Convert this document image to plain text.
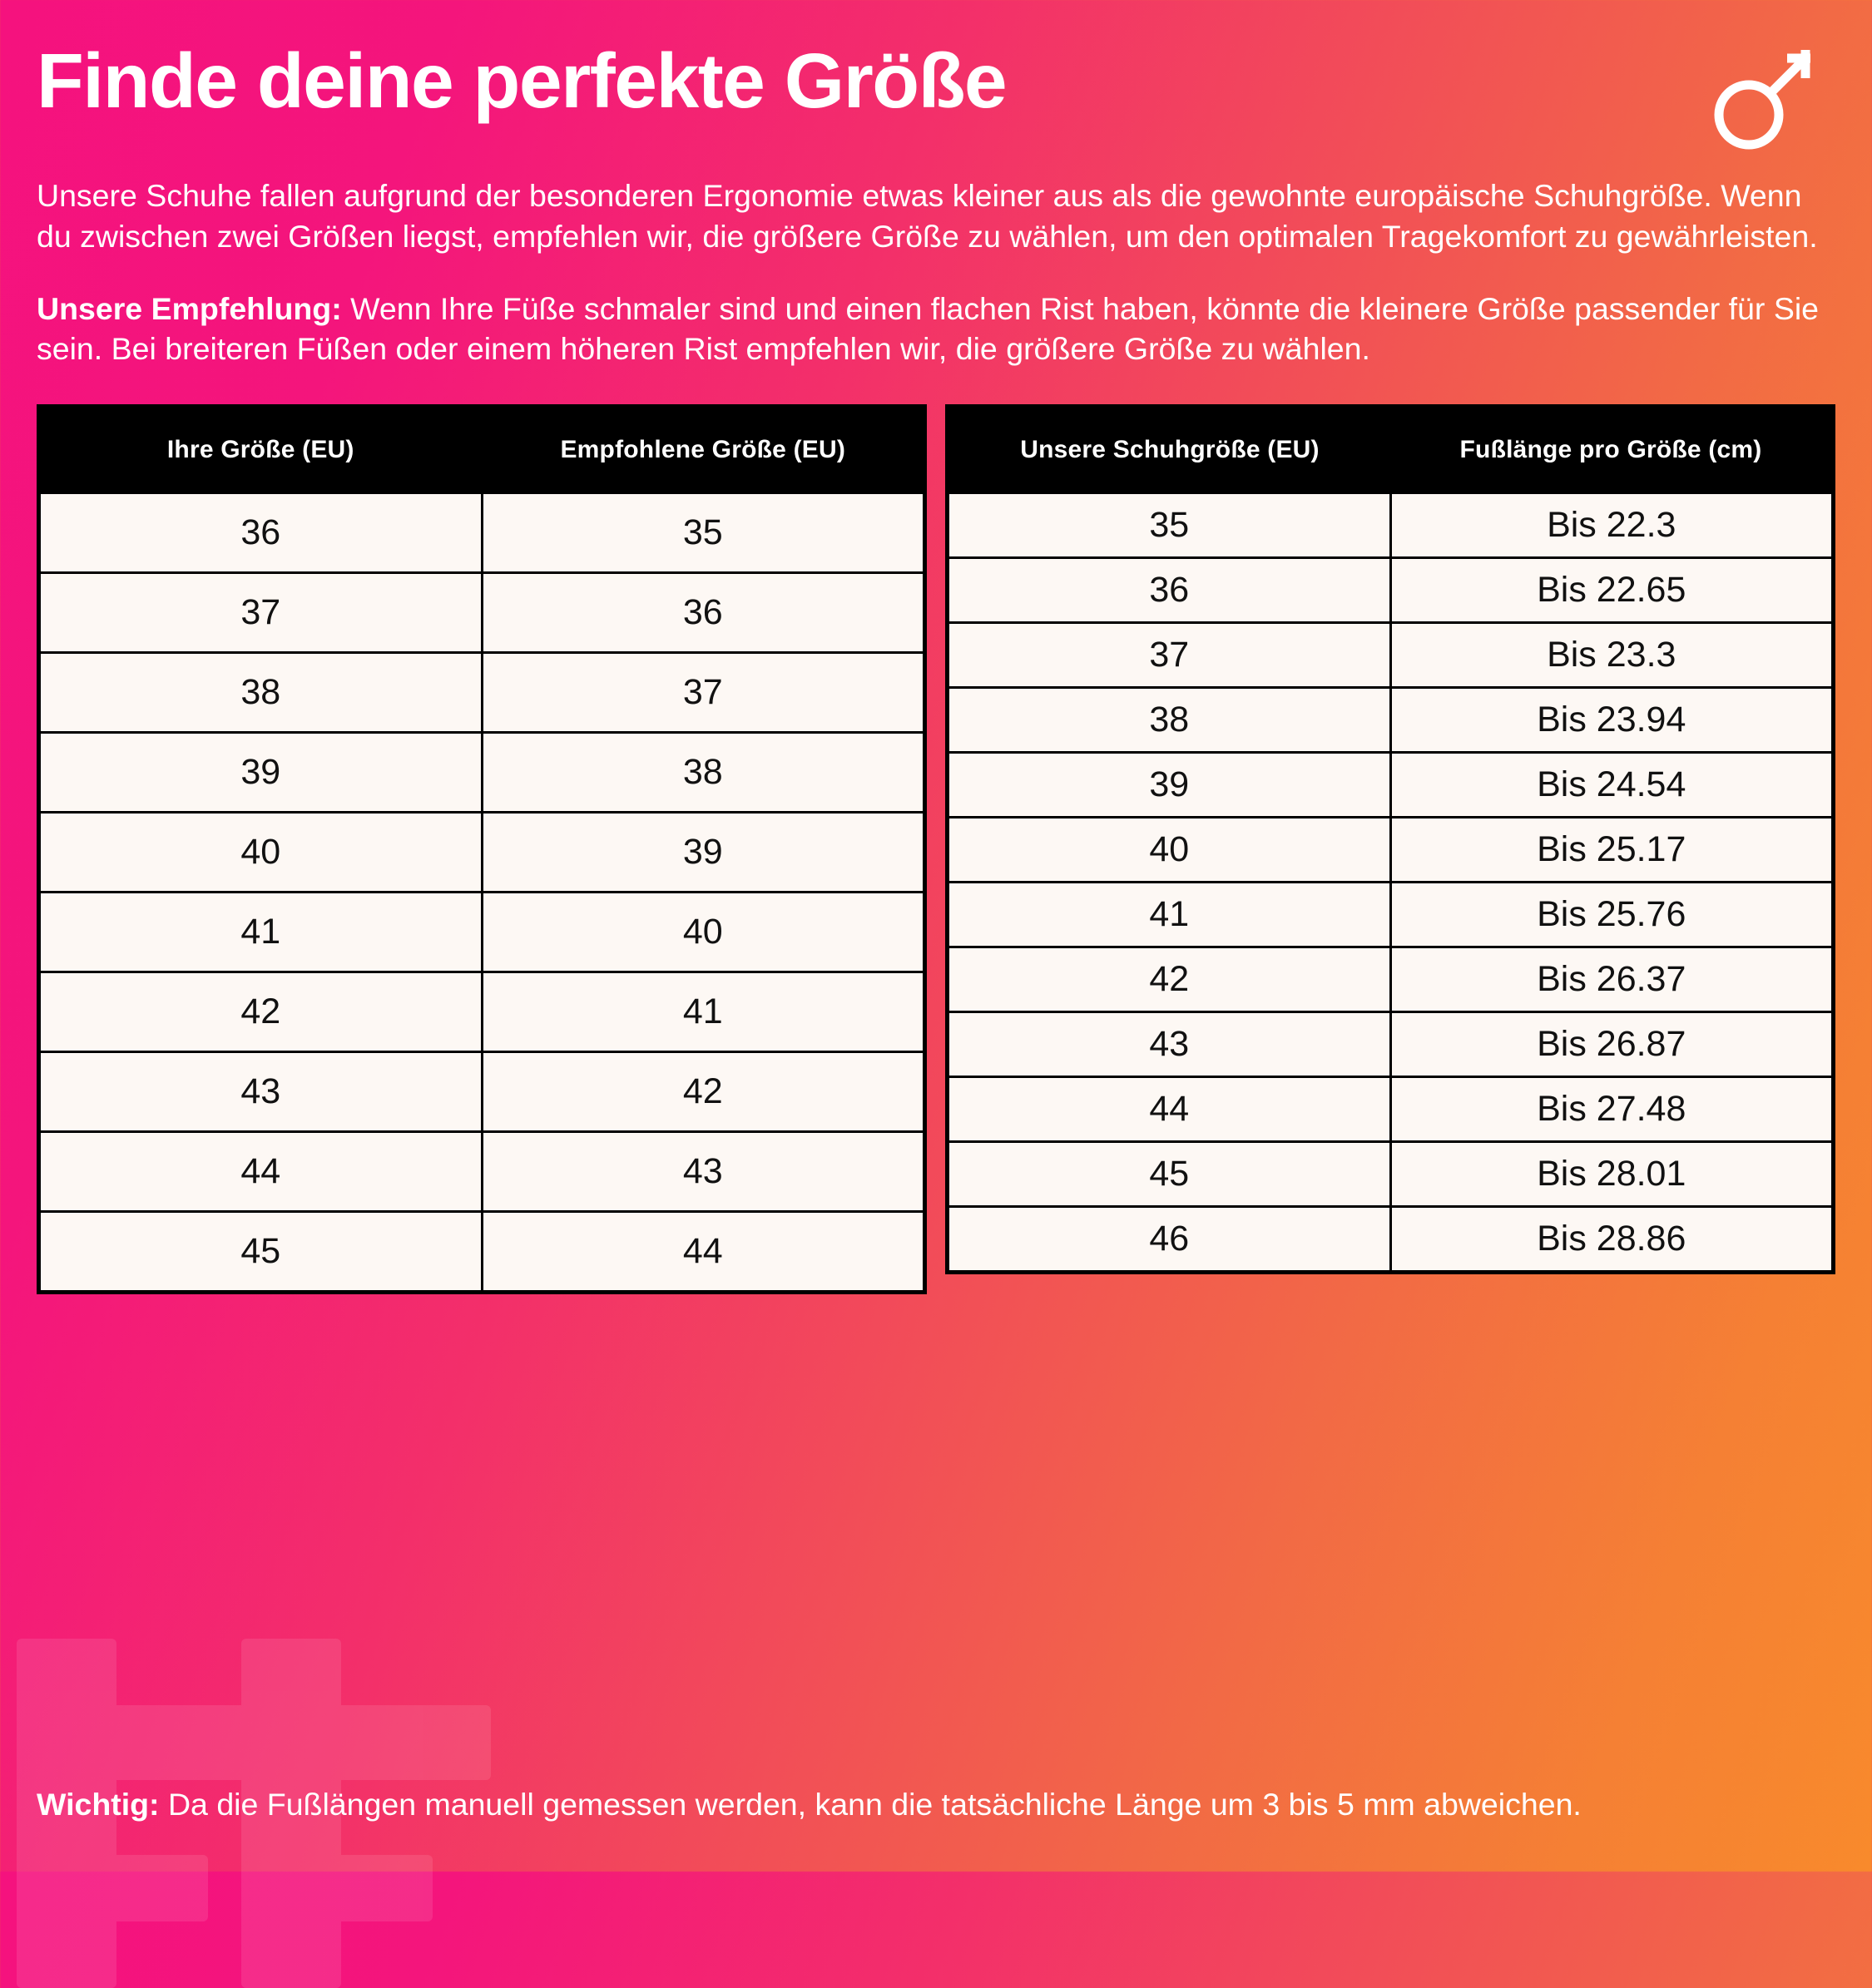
Finde deine perfekte Größe

Unsere Schuhe fallen aufgrund der besonderen Ergonomie etwas kleiner aus als die gewohnte europäische Schuhgröße. Wenn du zwischen zwei Größen liegst, empfehlen wir, die größere Größe zu wählen, um den optimalen Tragekomfort zu gewährleisten.

Unsere Empfehlung: Wenn Ihre Füße schmaler sind und einen flachen Rist haben, könnte die kleinere Größe passender für Sie sein. Bei breiteren Füßen oder einem höheren Rist empfehlen wir, die größere Größe zu wählen.

Ihre Größe (EU)	Empfohlene Größe (EU)
36	35
37	36
38	37
39	38
40	39
41	40
42	41
43	42
44	43
45	44
Unsere Schuhgröße (EU)	Fußlänge pro Größe (cm)
35	Bis 22.3
36	Bis 22.65
37	Bis 23.3
38	Bis 23.94
39	Bis 24.54
40	Bis 25.17
41	Bis 25.76
42	Bis 26.37
43	Bis 26.87
44	Bis 27.48
45	Bis 28.01
46	Bis 28.86

Wichtig: Da die Fußlängen manuell gemessen werden, kann die tatsächliche Länge um 3 bis 5 mm abweichen.
